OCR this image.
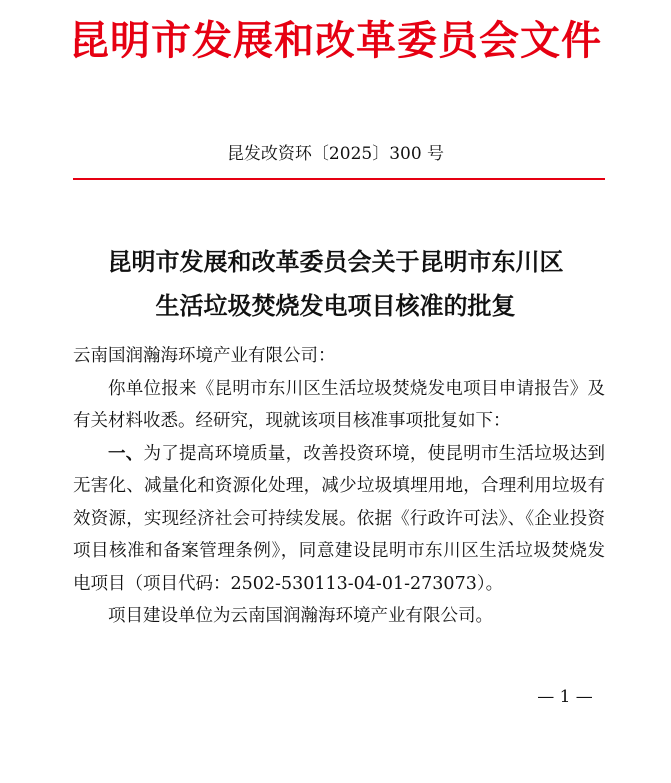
昆明市发展和改革委员会文件
昆发改资环〔2025〕300 号
昆明市发展和改革委员会关于昆明市东川区
生活垃圾焚烧发电项目核准的批复

云南国润瀚海环境产业有限公司：

你单位报来《昆明市东川区生活垃圾焚烧发电项目申请报告》及有关材料收悉。经研究，现就该项目核准事项批复如下：

一、为了提高环境质量，改善投资环境，使昆明市生活垃圾达到无害化、减量化和资源化处理，减少垃圾填埋用地，合理利用垃圾有效资源，实现经济社会可持续发展。依据《行政许可法》、《企业投资项目核准和备案管理条例》，同意建设昆明市东川区生活垃圾焚烧发电项目（项目代码：2502-530113-04-01-273073）。

项目建设单位为云南国润瀚海环境产业有限公司。

— 1 —
